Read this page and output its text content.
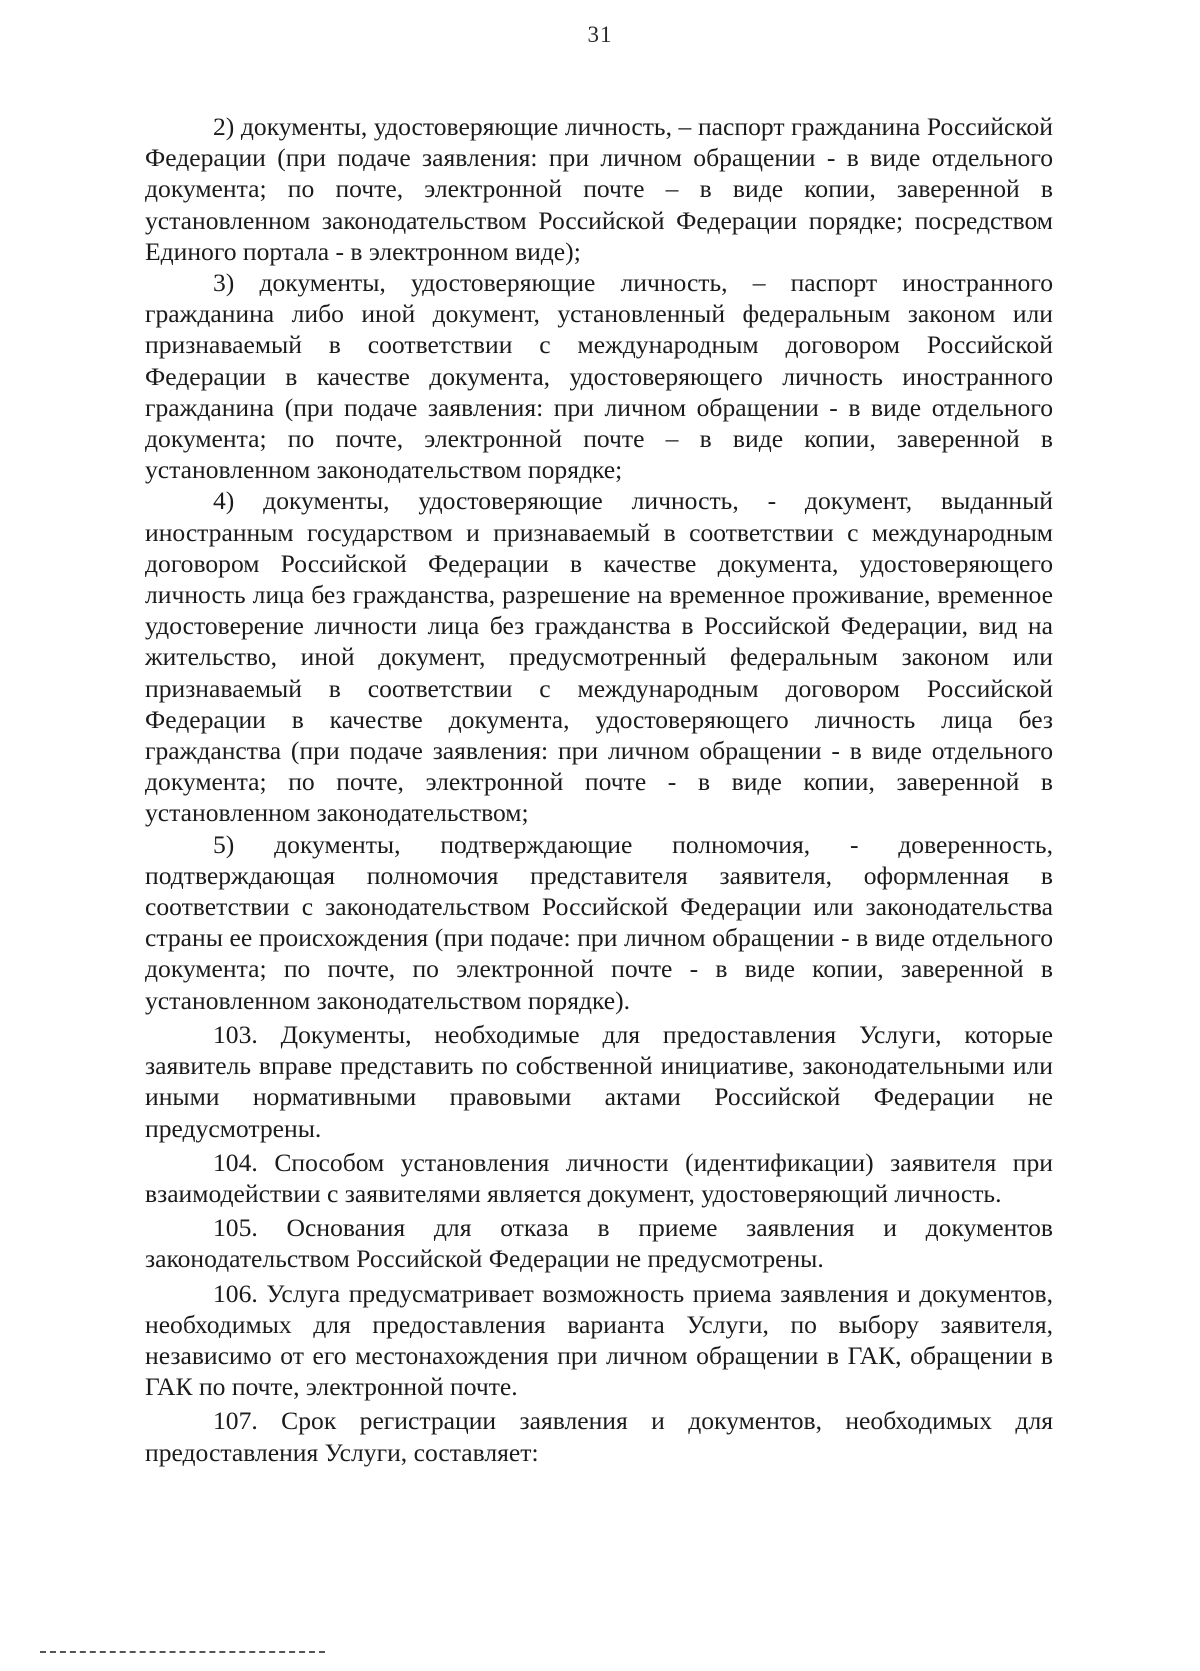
31

2) документы, удостоверяющие личность, – паспорт гражданина Российской Федерации (при подаче заявления: при личном обращении - в виде отдельного документа; по почте, электронной почте – в виде копии, заверенной в установленном законодательством Российской Федерации порядке; посредством Единого портала - в электронном виде);

3) документы, удостоверяющие личность, – паспорт иностранного гражданина либо иной документ, установленный федеральным законом или признаваемый в соответствии с международным договором Российской Федерации в качестве документа, удостоверяющего личность иностранного гражданина (при подаче заявления: при личном обращении - в виде отдельного документа; по почте, электронной почте – в виде копии, заверенной в установленном законодательством порядке;

4) документы, удостоверяющие личность, - документ, выданный иностранным государством и признаваемый в соответствии с международным договором Российской Федерации в качестве документа, удостоверяющего личность лица без гражданства, разрешение на временное проживание, временное удостоверение личности лица без гражданства в Российской Федерации, вид на жительство, иной документ, предусмотренный федеральным законом или признаваемый в соответствии с международным договором Российской Федерации в качестве документа, удостоверяющего личность лица без гражданства (при подаче заявления: при личном обращении - в виде отдельного документа; по почте, электронной почте - в виде копии, заверенной в установленном законодательством;

5) документы, подтверждающие полномочия, - доверенность, подтверждающая полномочия представителя заявителя, оформленная в соответствии с законодательством Российской Федерации или законодательства страны ее происхождения (при подаче: при личном обращении - в виде отдельного документа; по почте, по электронной почте - в виде копии, заверенной в установленном законодательством порядке).

103. Документы, необходимые для предоставления Услуги, которые заявитель вправе представить по собственной инициативе, законодательными или иными нормативными правовыми актами Российской Федерации не предусмотрены.

104. Способом установления личности (идентификации) заявителя при взаимодействии с заявителями является документ, удостоверяющий личность.

105. Основания для отказа в приеме заявления и документов законодательством Российской Федерации не предусмотрены.

106. Услуга предусматривает возможность приема заявления и документов, необходимых для предоставления варианта Услуги, по выбору заявителя, независимо от его местонахождения при личном обращении в ГАК, обращении в ГАК по почте, электронной почте.

107. Срок регистрации заявления и документов, необходимых для предоставления Услуги, составляет:
